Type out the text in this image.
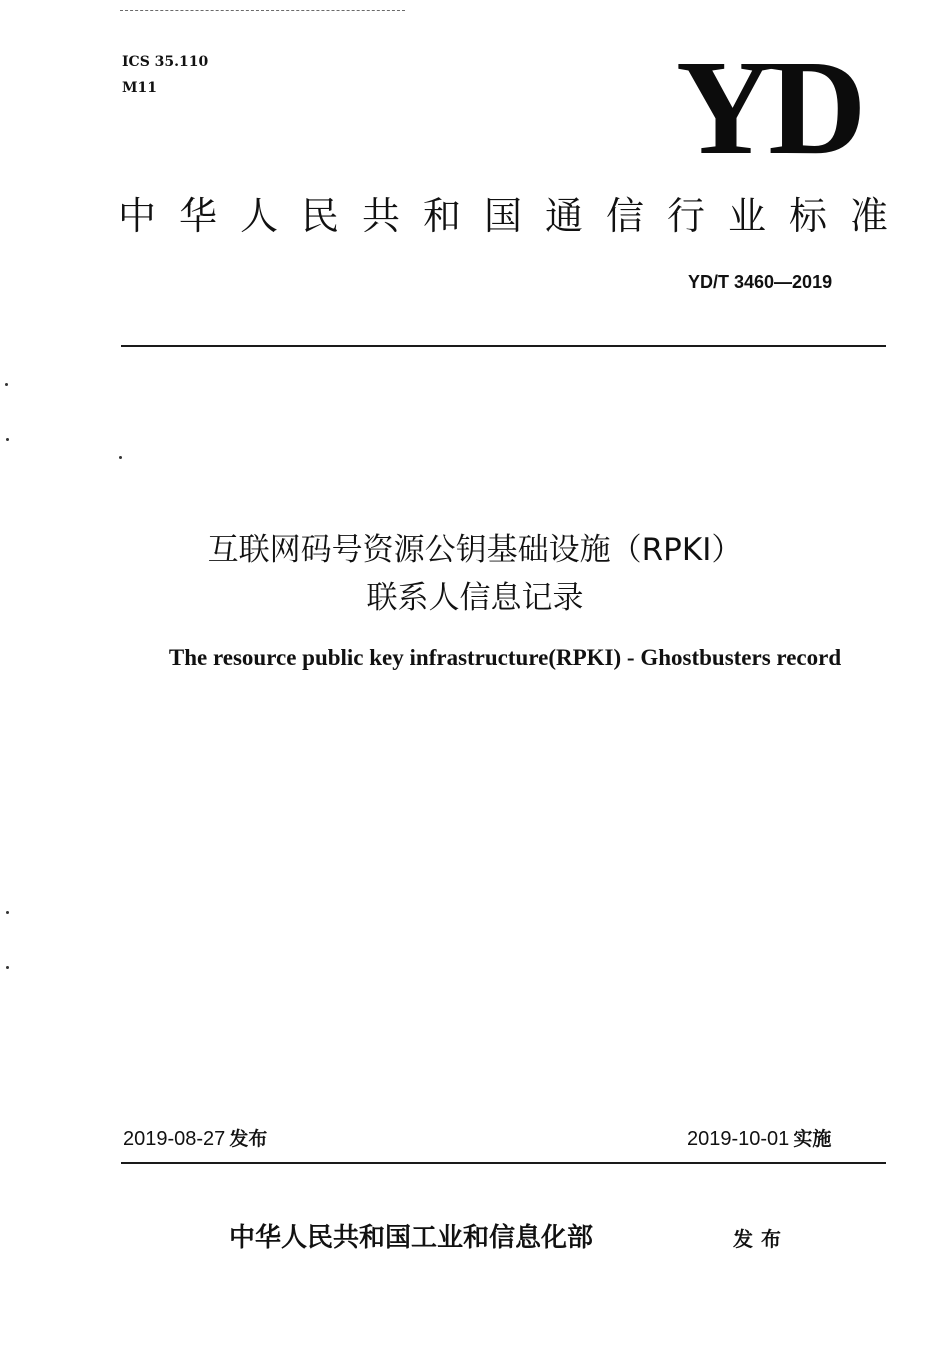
ICS 35.110
M11	YD
中华人民共和国通信行业标准
YD/T 3460—2019
互联网码号资源公钥基础设施（RPKI）
联系人信息记录
The resource public key infrastructure(RPKI) - Ghostbusters record
2019-08-27 发布	2019-10-01 实施
中华人民共和国工业和信息化部	发布
